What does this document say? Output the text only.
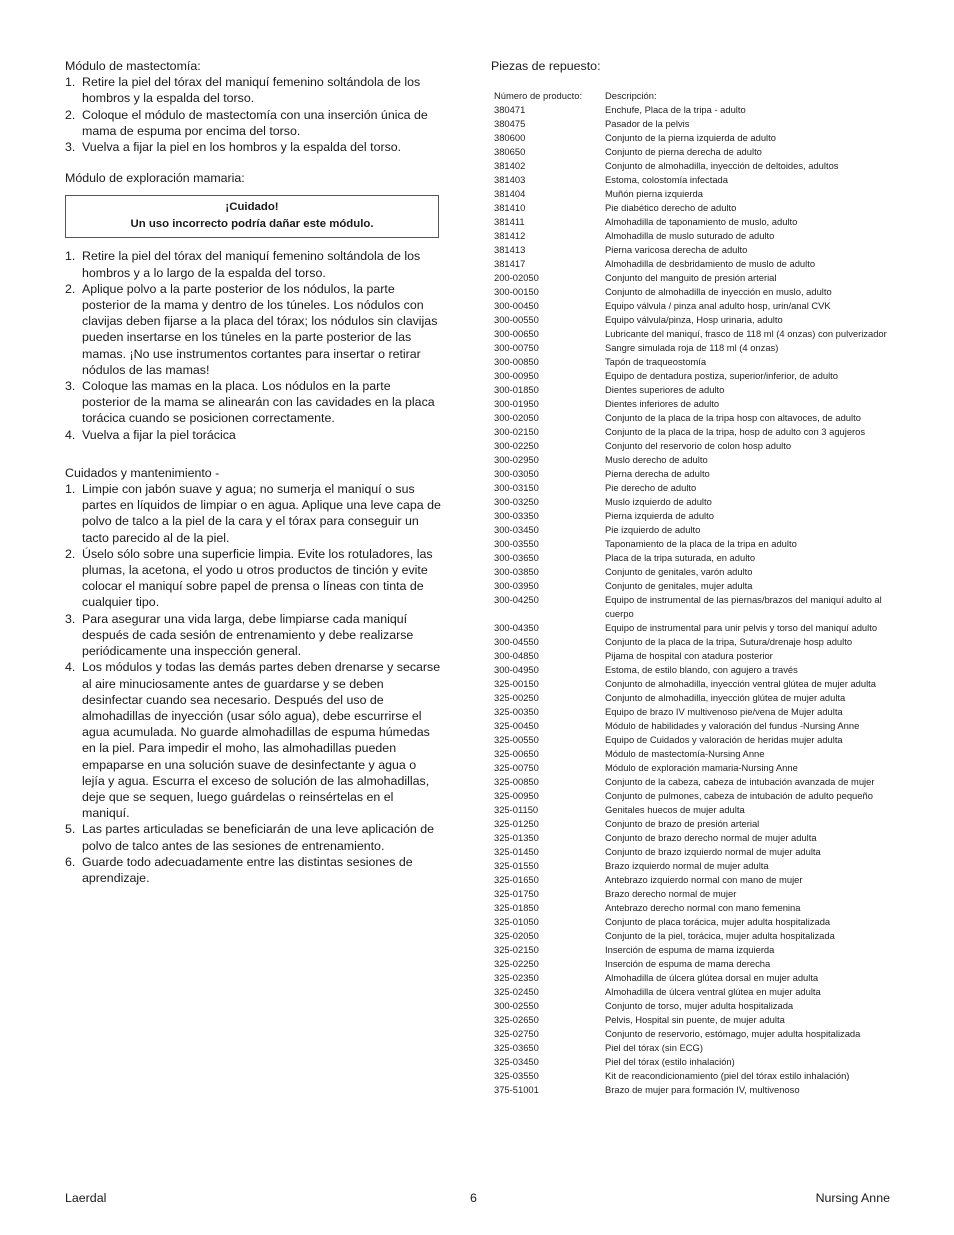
Módulo de mastectomía:

1. Retire la piel del tórax del maniquí femenino soltándola de los hombros y la espalda del torso.
2. Coloque el módulo de mastectomía con una inserción única de mama de espuma por encima del torso.
3. Vuelva a fijar la piel en los hombros y la espalda del torso.

Módulo de exploración mamaria:

¡Cuidado!
Un uso incorrecto podría dañar este módulo.
1. Retire la piel del tórax del maniquí femenino soltándola de los hombros y a lo largo de la espalda del torso.
2. Aplique polvo a la parte posterior de los nódulos, la parte posterior de la mama y dentro de los túneles. Los nódulos con clavijas deben fijarse a la placa del tórax; los nódulos sin clavijas pueden insertarse en los túneles en la parte posterior de las mamas. ¡No use instrumentos cortantes para insertar o retirar nódulos de las mamas!
3. Coloque las mamas en la placa. Los nódulos en la parte posterior de la mama se alinearán con las cavidades en la placa torácica cuando se posicionen correctamente.
4. Vuelva a fijar la piel torácica

Cuidados y mantenimiento -

1. Limpie con jabón suave y agua; no sumerja el maniquí o sus partes en líquidos de limpiar o en agua. Aplique una leve capa de polvo de talco a la piel de la cara y el tórax para conseguir un tacto parecido al de la piel.
2. Úselo sólo sobre una superficie limpia. Evite los rotuladores, las plumas, la acetona, el yodo u otros productos de tinción y evite colocar el maniquí sobre papel de prensa o líneas con tinta de cualquier tipo.
3. Para asegurar una vida larga, debe limpiarse cada maniquí después de cada sesión de entrenamiento y debe realizarse periódicamente una inspección general.
4. Los módulos y todas las demás partes deben drenarse y secarse al aire minuciosamente antes de guardarse y se deben desinfectar cuando sea necesario. Después del uso de almohadillas de inyección (usar sólo agua), debe escurrirse el agua acumulada. No guarde almohadillas de espuma húmedas en la piel. Para impedir el moho, las almohadillas pueden empaparse en una solución suave de desinfectante y agua o lejía y agua. Escurra el exceso de solución de las almohadillas, deje que se sequen, luego guárdelas o reinsértelas en el maniquí.
5. Las partes articuladas se beneficiarán de una leve aplicación de polvo de talco antes de las sesiones de entrenamiento.
6. Guarde todo adecuadamente entre las distintas sesiones de aprendizaje.
Piezas de repuesto:
Número de producto:	Descripción:
380471	Enchufe, Placa de la tripa - adulto
380475	Pasador de la pelvis
380600	Conjunto de la pierna izquierda de adulto
380650	Conjunto de pierna derecha de adulto
381402	Conjunto de almohadilla, inyección de deltoides, adultos
381403	Estoma, colostomía infectada
381404	Muñón pierna izquierda
381410	Pie diabético derecho de adulto
381411	Almohadilla de taponamiento de muslo, adulto
381412	Almohadilla de muslo suturado de adulto
381413	Pierna varicosa derecha de adulto
381417	Almohadilla de desbridamiento de muslo de adulto
200-02050	Conjunto del manguito de presión arterial
300-00150	Conjunto de almohadilla de inyección en muslo, adulto
300-00450	Equipo válvula / pinza anal adulto hosp, urin/anal CVK
300-00550	Equipo válvula/pinza, Hosp urinaria, adulto
300-00650	Lubricante del maniquí, frasco de 118 ml (4 onzas) con pulverizador
300-00750	Sangre simulada roja de 118 ml (4 onzas)
300-00850	Tapón de traqueostomía
300-00950	Equipo de dentadura postiza, superior/inferior, de adulto
300-01850	Dientes superiores de adulto
300-01950	Dientes inferiores de adulto
300-02050	Conjunto de la placa de la tripa hosp con altavoces, de adulto
300-02150	Conjunto de la placa de la tripa, hosp de adulto con 3 agujeros
300-02250	Conjunto del reservorio de colon hosp adulto
300-02950	Muslo derecho de adulto
300-03050	Pierna derecha de adulto
300-03150	Pie derecho de adulto
300-03250	Muslo izquierdo de adulto
300-03350	Pierna izquierda de adulto
300-03450	Pie izquierdo de adulto
300-03550	Taponamiento de la placa de la tripa en adulto
300-03650	Placa de la tripa suturada, en adulto
300-03850	Conjunto de genitales, varón adulto
300-03950	Conjunto de genitales, mujer adulta
300-04250	Equipo de instrumental de las piernas/brazos del maniquí adulto al cuerpo
300-04350	Equipo de instrumental para unir pelvis y torso del maniquí adulto
300-04550	Conjunto de la placa de la tripa, Sutura/drenaje hosp adulto
300-04850	Pijama de hospital con atadura posterior
300-04950	Estoma, de estilo blando, con agujero a través
325-00150	Conjunto de almohadilla, inyección ventral glútea de mujer adulta
325-00250	Conjunto de almohadilla, inyección glútea de mujer adulta
325-00350	Equipo de brazo IV multivenoso pie/vena de Mujer adulta
325-00450	Módulo de habilidades y valoración del fundus -Nursing Anne
325-00550	Equipo de Cuidados y valoración de heridas mujer adulta
325-00650	Módulo de mastectomía-Nursing Anne
325-00750	Módulo de exploración mamaria-Nursing Anne
325-00850	Conjunto de la cabeza, cabeza de intubación avanzada de mujer
325-00950	Conjunto de pulmones, cabeza de intubación de adulto pequeño
325-01150	Genitales huecos de mujer adulta
325-01250	Conjunto de brazo de presión arterial
325-01350	Conjunto de brazo derecho normal de mujer adulta
325-01450	Conjunto de brazo izquierdo normal de mujer adulta
325-01550	Brazo izquierdo normal de mujer adulta
325-01650	Antebrazo izquierdo normal con mano de mujer
325-01750	Brazo derecho normal de mujer
325-01850	Antebrazo derecho normal con mano femenina
325-01050	Conjunto de placa torácica, mujer adulta hospitalizada
325-02050	Conjunto de la piel, torácica, mujer adulta hospitalizada
325-02150	Inserción de espuma de mama izquierda
325-02250	Inserción de espuma de mama derecha
325-02350	Almohadilla de úlcera glútea dorsal en mujer adulta
325-02450	Almohadilla de úlcera ventral glútea en mujer adulta
300-02550	Conjunto de torso, mujer adulta hospitalizada
325-02650	Pelvis, Hospital sin puente, de mujer adulta
325-02750	Conjunto de reservorio, estómago, mujer adulta hospitalizada
325-03650	Piel del tórax (sin ECG)
325-03450	Piel del tórax (estilo inhalación)
325-03550	Kit de reacondicionamiento (piel del tórax estilo inhalación)
375-51001	Brazo de mujer para formación IV, multivenoso
Laerdal	6	Nursing Anne
